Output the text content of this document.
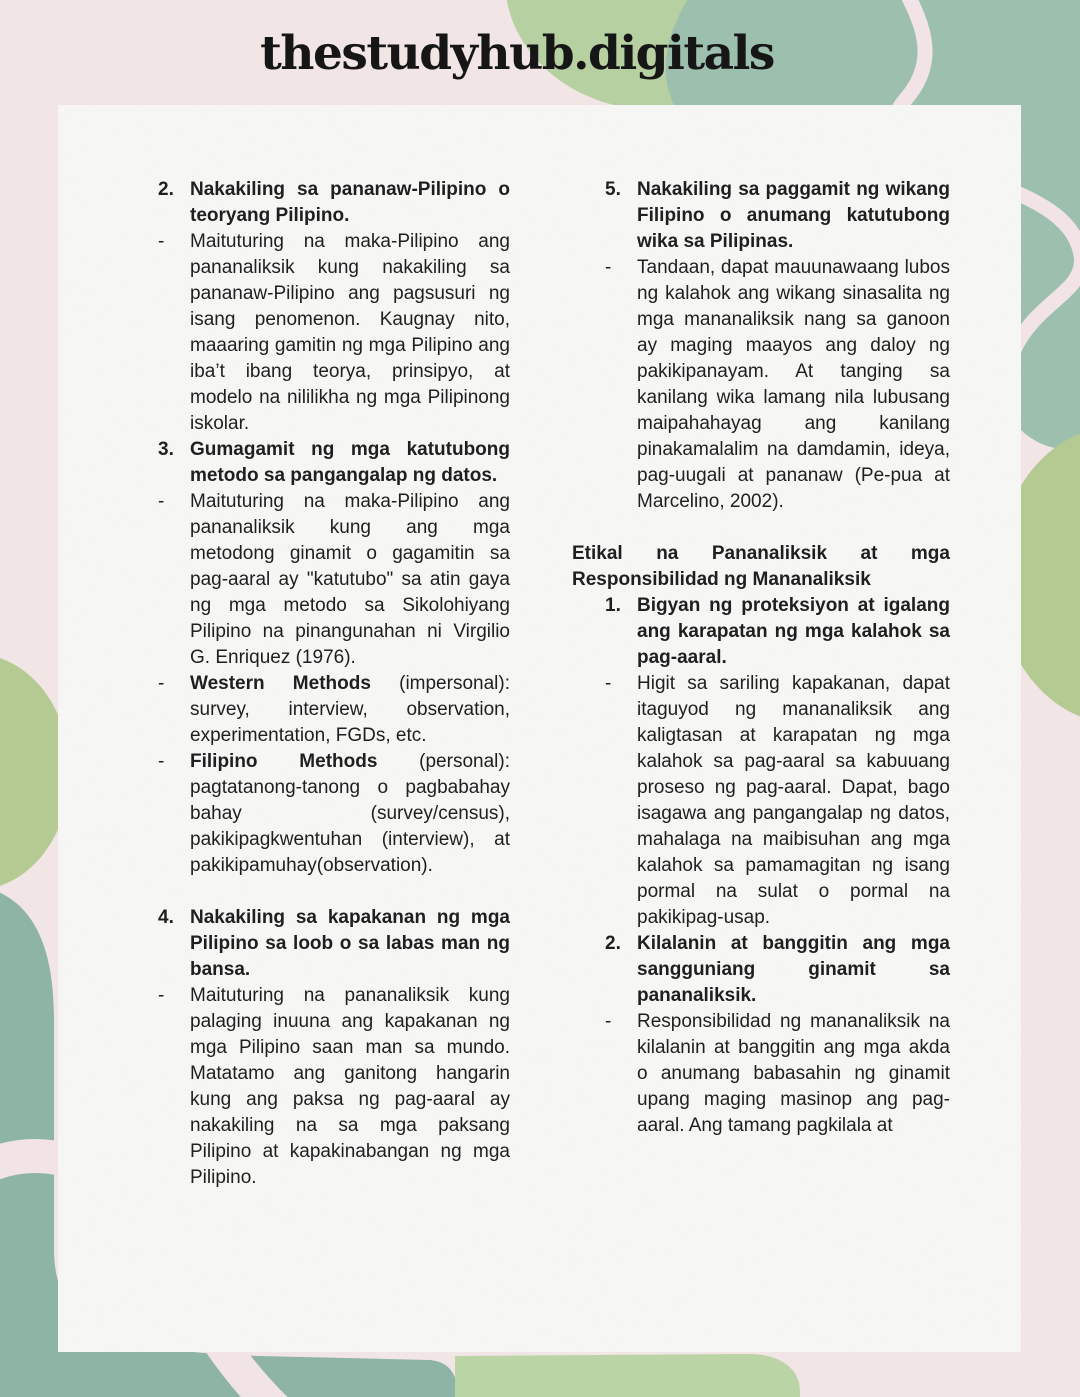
thestudyhub.digitals
2. Nakakiling sa pananaw-Pilipino o teoryang Pilipino.
-	Maituturing na maka-Pilipino ang pananaliksik kung nakakiling sa pananaw-Pilipino ang pagsusuri ng isang penomenon. Kaugnay nito, maaaring gamitin ng mga Pilipino ang iba’t ibang teorya, prinsipyo, at modelo na nililikha ng mga Pilipinong iskolar.
3. Gumagamit ng mga katutubong metodo sa pangangalap ng datos.
-	Maituturing na maka-Pilipino ang pananaliksik kung ang mga metodong ginamit o gagamitin sa pag-aaral ay "katutubo" sa atin gaya ng mga metodo sa Sikolohiyang Pilipino na pinangunahan ni Virgilio G. Enriquez (1976).
-	Western Methods (impersonal): survey, interview, observation, experimentation, FGDs, etc.
-	Filipino Methods (personal): pagtatanong-tanong o pagbabahay bahay (survey/census), pakikipagkwentuhan (interview), at pakikipamuhay(observation).
4. Nakakiling sa kapakanan ng mga Pilipino sa loob o sa labas man ng bansa.
-	Maituturing na pananaliksik kung palaging inuuna ang kapakanan ng mga Pilipino saan man sa mundo. Matatamo ang ganitong hangarin kung ang paksa ng pag-aaral ay nakakiling na sa mga paksang Pilipino at kapakinabangan ng mga Pilipino.
5. Nakakiling sa paggamit ng wikang Filipino o anumang katutubong wika sa Pilipinas.
-	Tandaan, dapat mauunawaang lubos ng kalahok ang wikang sinasalita ng mga mananaliksik nang sa ganoon ay maging maayos ang daloy ng pakikipanayam. At tanging sa kanilang wika lamang nila lubusang maipahahayag ang kanilang pinakamalalim na damdamin, ideya, pag-uugali at pananaw (Pe-pua at Marcelino, 2002).
Etikal na Pananaliksik at mga Responsibilidad ng Mananaliksik
1. Bigyan ng proteksiyon at igalang ang karapatan ng mga kalahok sa pag-aaral.
-	Higit sa sariling kapakanan, dapat itaguyod ng mananaliksik ang kaligtasan at karapatan ng mga kalahok sa pag-aaral sa kabuuang proseso ng pag-aaral. Dapat, bago isagawa ang pangangalap ng datos, mahalaga na maibisuhan ang mga kalahok sa pamamagitan ng isang pormal na sulat o pormal na pakikipag-usap.
2. Kilalanin at banggitin ang mga sangguniang ginamit sa pananaliksik.
-	Responsibilidad ng mananaliksik na kilalanin at banggitin ang mga akda o anumang babasahin ng ginamit upang maging masinop ang pag-aaral. Ang tamang pagkilala at
